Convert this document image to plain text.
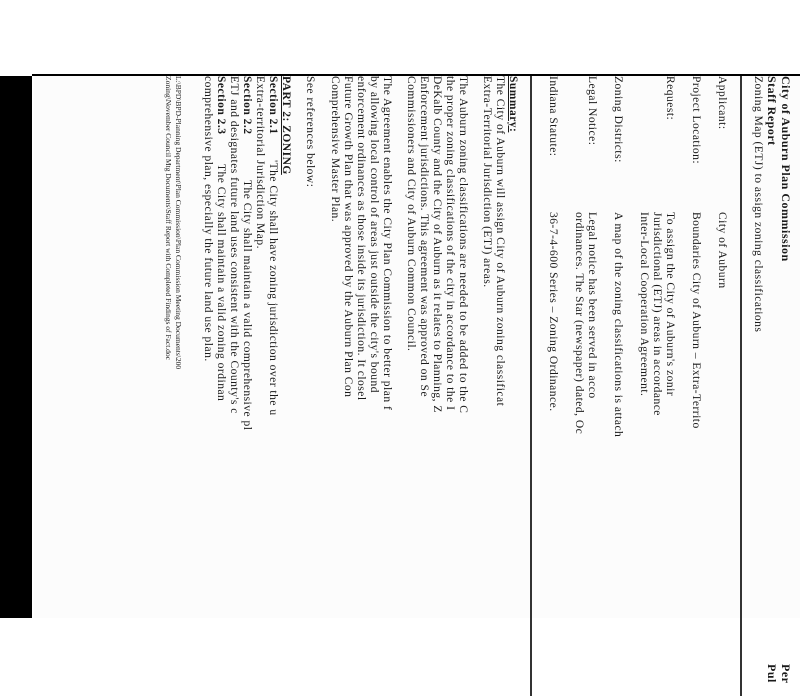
City of Auburn Plan Commission
Staff Report
Zoning Map (ETJ) to assign zoning classifications
Per
Pul
Applicant:
City of Auburn
Project Location:
Boundaries City of Auburn – Extra-Territo
Request:
To assign the City of Auburn's zonir
Jurisdictional (ETJ) areas in accordance
Inter-Local Cooperation Agreement.
Zoning Districts:
A map of the zoning classifications is attach
Legal Notice:
Legal notice has been served in acco
ordinances. The Star (newspaper) dated, Oc
Indiana Statute:
36-7-4-600 Series – Zoning Ordinance.
Summary:
The City of Auburn will assign City of Auburn zoning classificat
Extra-Territorial Jurisdiction (ETJ) areas.
The Auburn zoning classifications are needed to be added to the C
the proper zoning classifications of the city in accordance to the I
DeKalb County and the City of Auburn as it relates to Planning, Z
Enforcement jurisdictions. This agreement was approved on Se
Commissioners and City of Auburn Common Council.
The Agreement enables the City Plan Commission to better plan f
by allowing local control of areas just outside the city's bound
enforcement ordinances as those inside its jurisdiction. It closel
Future Growth Plan that was approved by the Auburn Plan Con
Comprehensive Master Plan.
See references below:
PART 2: ZONING
Section 2.1
'The City shall have zoning jurisdiction over the u
Extra-territorial Jurisdiction Map.
Section 2.2
The City shall maintain a valid comprehensive pl
ETJ and designates future land uses consistent with the County's c
Section 2.3
The City shall maintain a valid zoning ordinan
comprehensive plan, especially the future land use plan.
L:\BPD\BPD-Planning Department\Plan Commission\Plan Commission Meeting Documents\200
Zoning\November Council Mtg Documents\Staff Report with Completed Findings of Fact.doc
